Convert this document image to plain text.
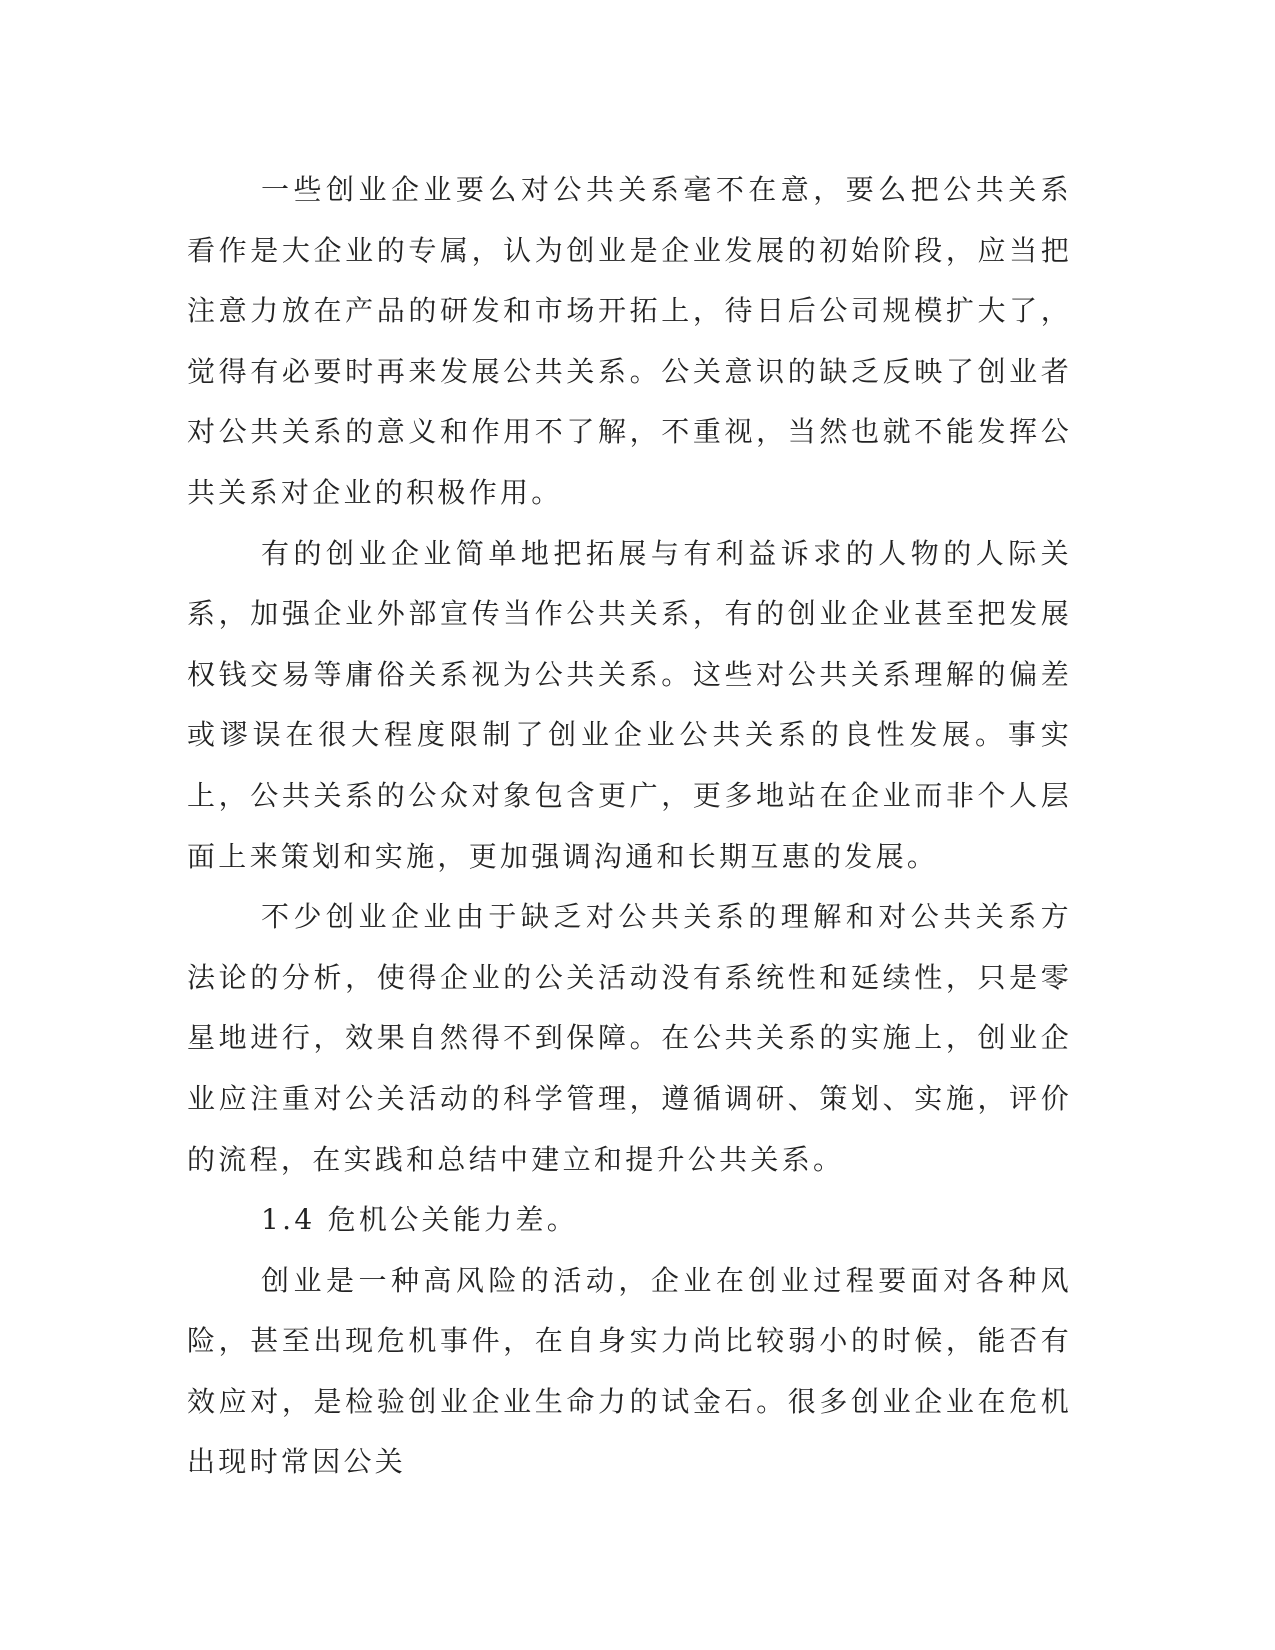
一些创业企业要么对公共关系毫不在意，要么把公共关系看作是大企业的专属，认为创业是企业发展的初始阶段，应当把注意力放在产品的研发和市场开拓上，待日后公司规模扩大了，觉得有必要时再来发展公共关系。公关意识的缺乏反映了创业者对公共关系的意义和作用不了解，不重视，当然也就不能发挥公共关系对企业的积极作用。

有的创业企业简单地把拓展与有利益诉求的人物的人际关系，加强企业外部宣传当作公共关系，有的创业企业甚至把发展权钱交易等庸俗关系视为公共关系。这些对公共关系理解的偏差或谬误在很大程度限制了创业企业公共关系的良性发展。事实上，公共关系的公众对象包含更广，更多地站在企业而非个人层面上来策划和实施，更加强调沟通和长期互惠的发展。

不少创业企业由于缺乏对公共关系的理解和对公共关系方法论的分析，使得企业的公关活动没有系统性和延续性，只是零星地进行，效果自然得不到保障。在公共关系的实施上，创业企业应注重对公关活动的科学管理，遵循调研、策划、实施，评价的流程，在实践和总结中建立和提升公共关系。

1.4 危机公关能力差。

创业是一种高风险的活动，企业在创业过程要面对各种风险，甚至出现危机事件，在自身实力尚比较弱小的时候，能否有效应对，是检验创业企业生命力的试金石。很多创业企业在危机出现时常因公关
